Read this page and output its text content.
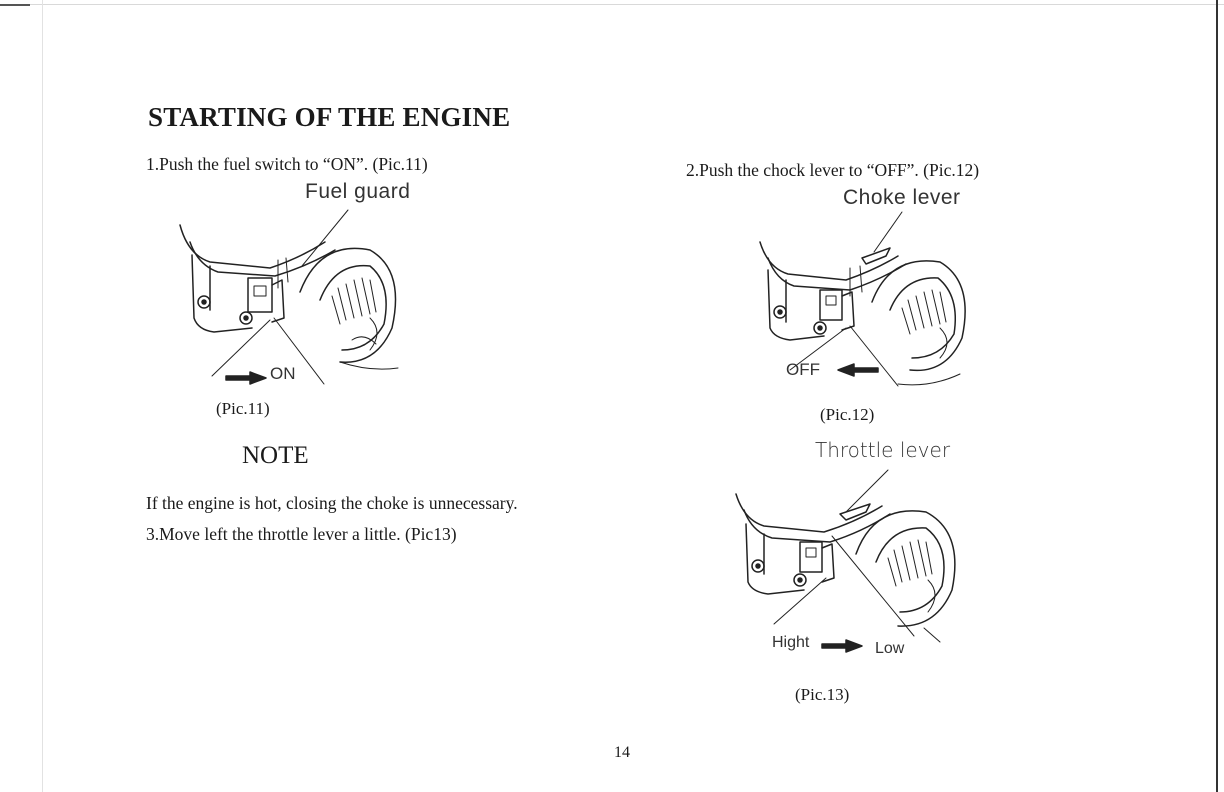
STARTING OF THE ENGINE
1.Push the fuel switch to “ON”. (Pic.11)
Fuel guard
ON
(Pic.11)
NOTE
If the engine is hot, closing the choke is unnecessary.
3.Move left the throttle lever a little. (Pic13)
2.Push the chock lever to “OFF”. (Pic.12)
Choke lever
OFF
(Pic.12)
Throttle lever
Hight	Low
(Pic.13)
14
